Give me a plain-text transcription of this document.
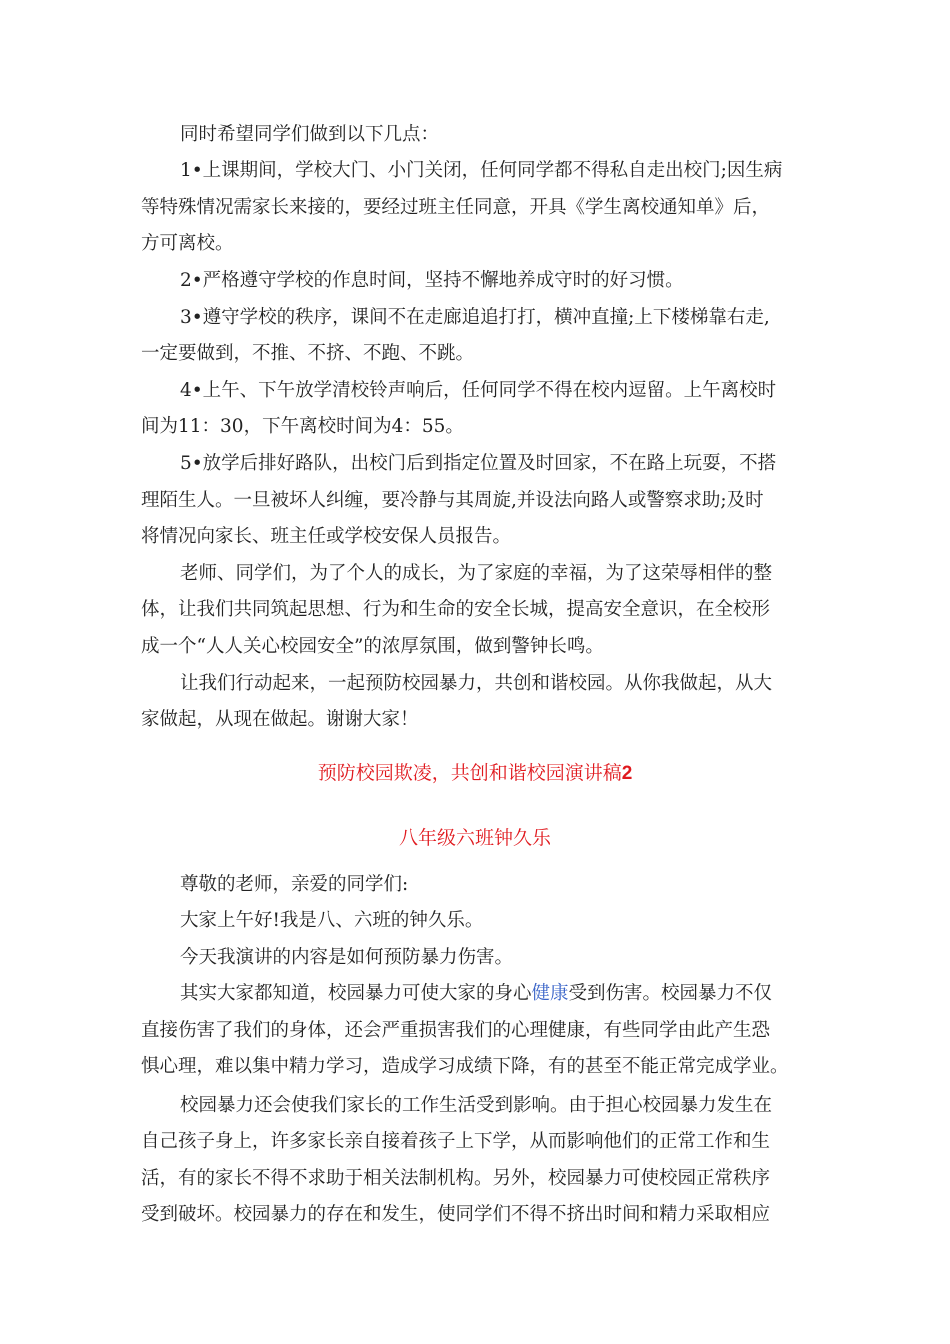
同时希望同学们做到以下几点：

1•上课期间，学校大门、小门关闭，任何同学都不得私自走出校门;因生病

等特殊情况需家长来接的，要经过班主任同意，开具《学生离校通知单》后，

方可离校。

2•严格遵守学校的作息时间，坚持不懈地养成守时的好习惯。

3•遵守学校的秩序，课间不在走廊追追打打，横冲直撞;上下楼梯靠右走,

一定要做到，不推、不挤、不跑、不跳。

4•上午、下午放学清校铃声响后，任何同学不得在校内逗留。上午离校时

间为11：30，下午离校时间为4：55。

5•放学后排好路队，出校门后到指定位置及时回家，不在路上玩耍，不搭

理陌生人。一旦被坏人纠缠，要冷静与其周旋,并设法向路人或警察求助;及时

将情况向家长、班主任或学校安保人员报告。

老师、同学们，为了个人的成长，为了家庭的幸福，为了这荣辱相伴的整

体，让我们共同筑起思想、行为和生命的安全长城，提高安全意识，在全校形

成一个“人人关心校园安全”的浓厚氛围，做到警钟长鸣。

让我们行动起来，一起预防校园暴力，共创和谐校园。从你我做起，从大

家做起，从现在做起。谢谢大家！

预防校园欺凌，共创和谐校园演讲稿2

八年级六班钟久乐

尊敬的老师，亲爱的同学们:

大家上午好!我是八、六班的钟久乐。

今天我演讲的内容是如何预防暴力伤害。

其实大家都知道，校园暴力可使大家的身心健康受到伤害。校园暴力不仅

直接伤害了我们的身体，还会严重损害我们的心理健康，有些同学由此产生恐

惧心理，难以集中精力学习，造成学习成绩下降，有的甚至不能正常完成学业。

校园暴力还会使我们家长的工作生活受到影响。由于担心校园暴力发生在

自己孩子身上，许多家长亲自接着孩子上下学，从而影响他们的正常工作和生

活，有的家长不得不求助于相关法制机构。另外，校园暴力可使校园正常秩序

受到破坏。校园暴力的存在和发生，使同学们不得不挤出时间和精力采取相应
